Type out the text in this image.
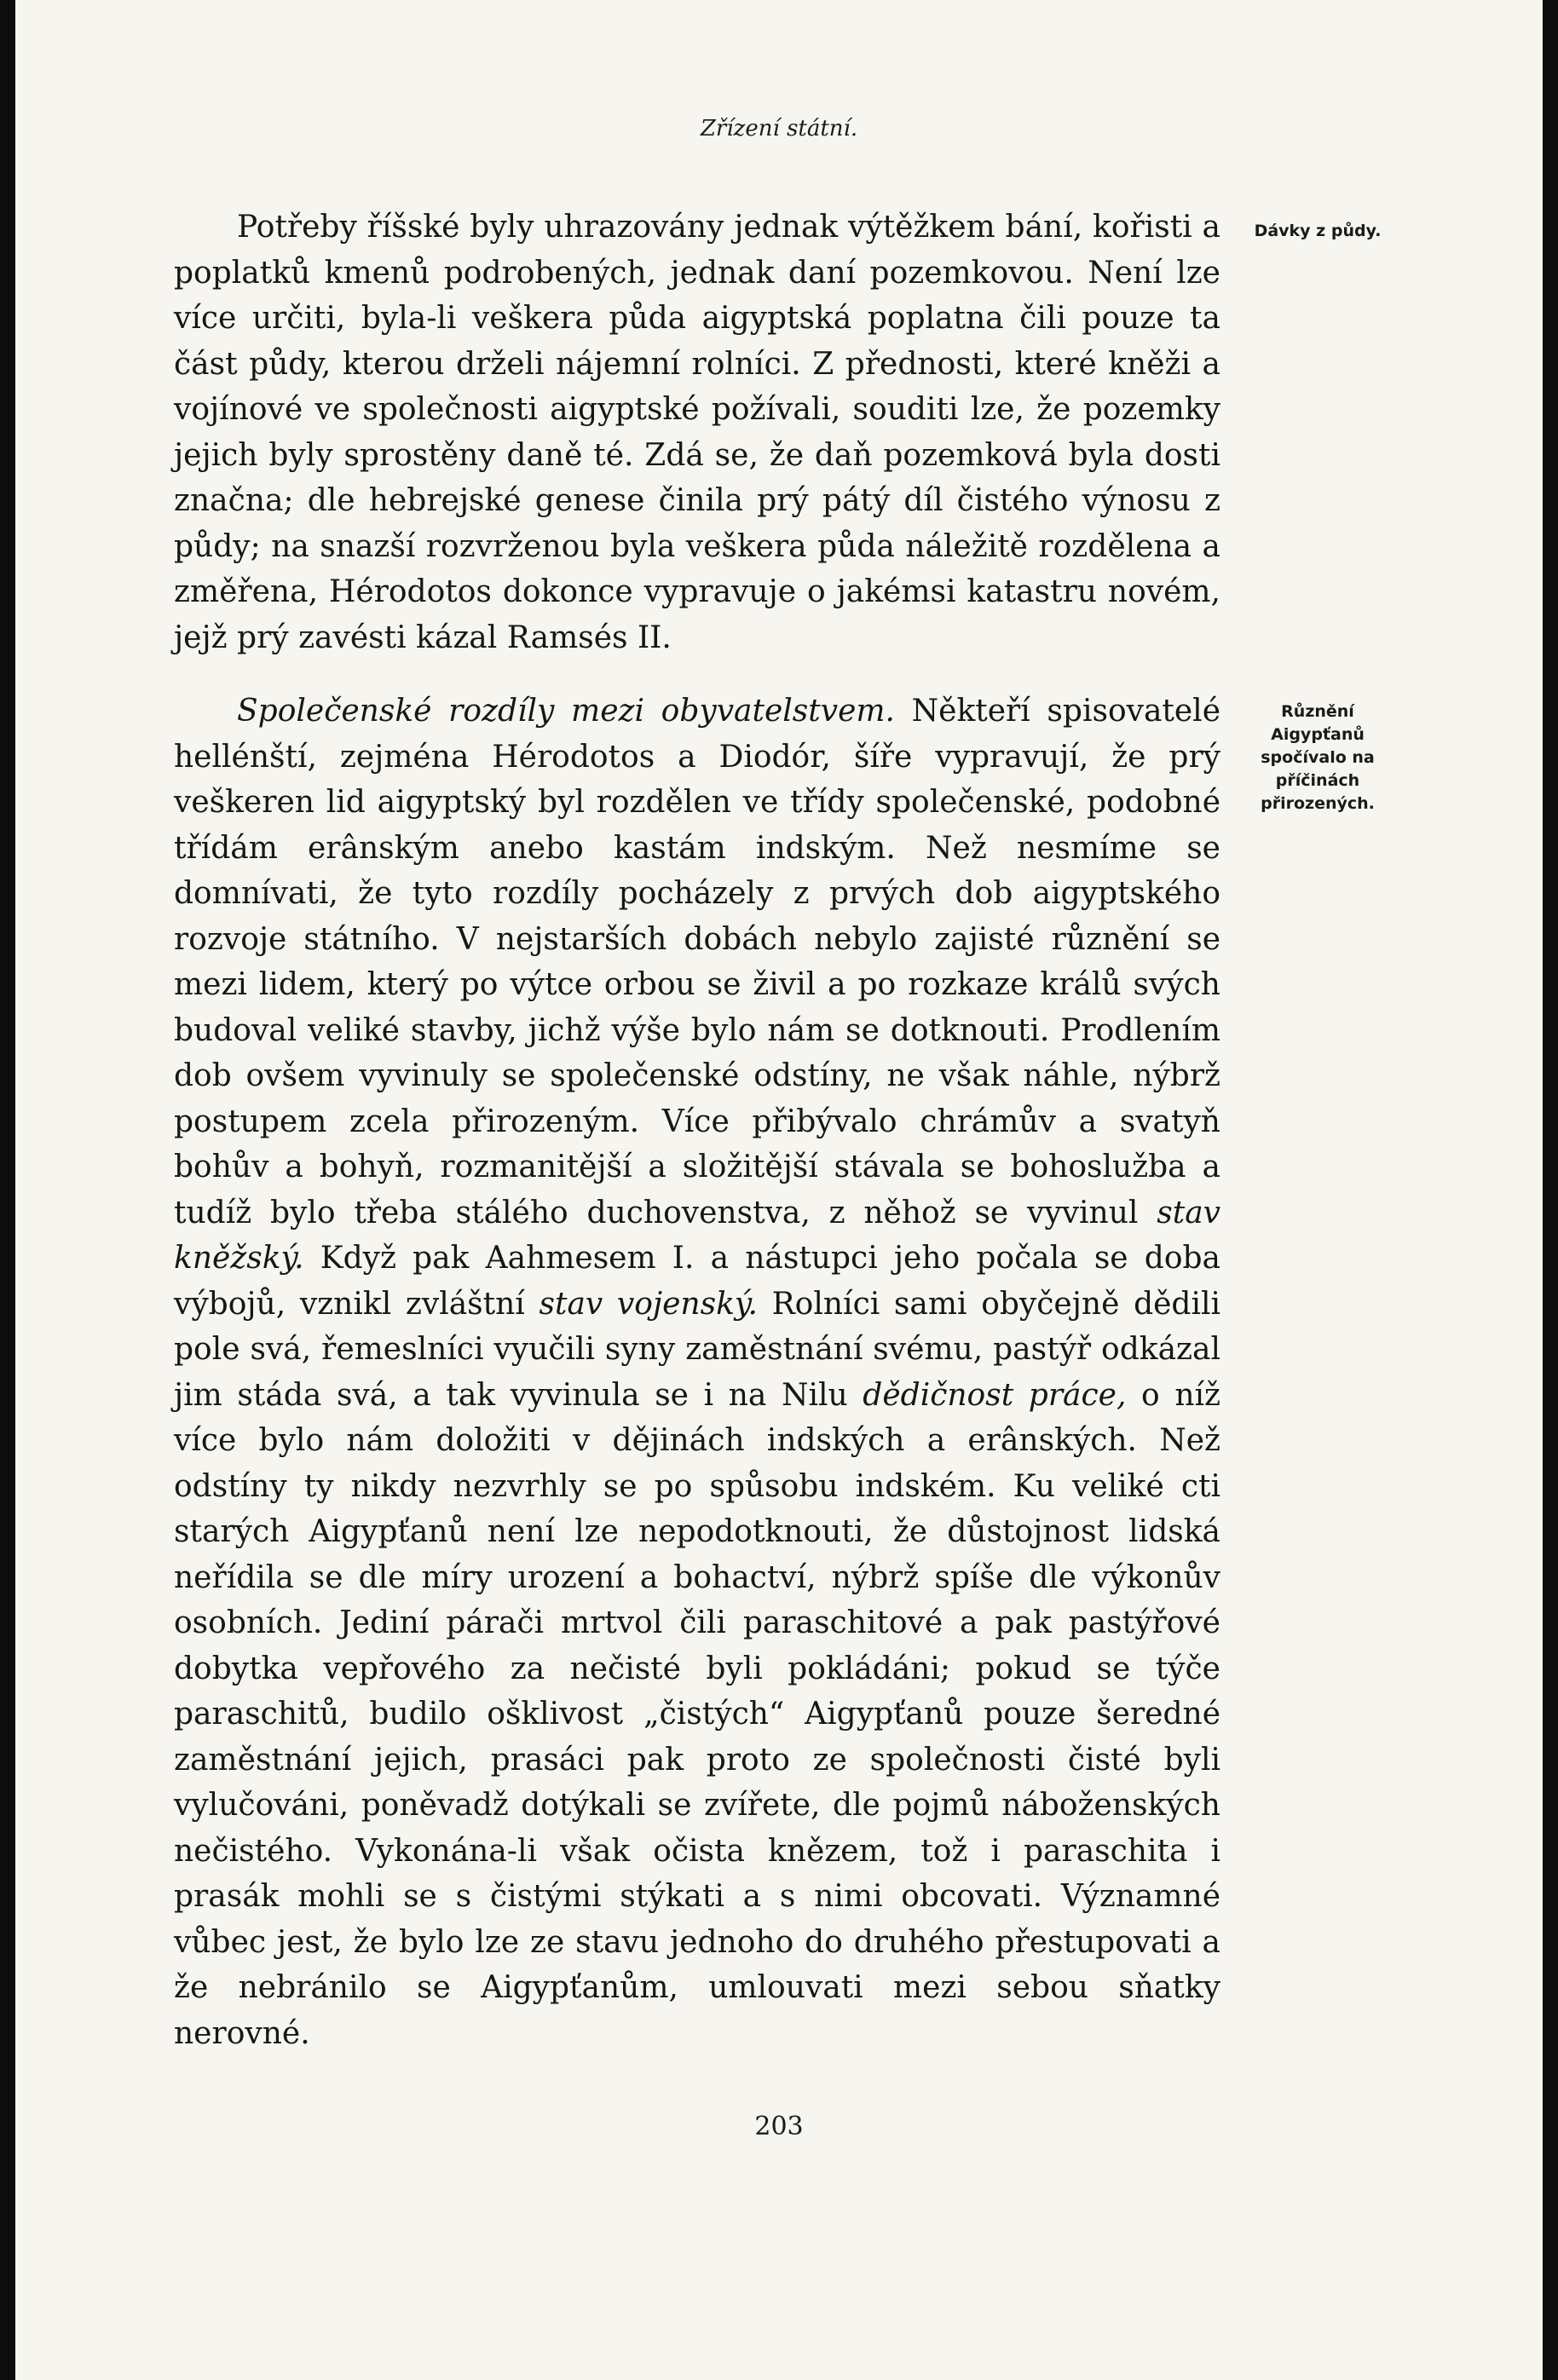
Zřízení státní.

Potřeby říšské byly uhrazovány jednak výtěžkem bání, kořisti a poplatků kmenů podrobených, jednak daní pozemkovou. Není lze více určiti, byla-li veškera půda aigyptská poplatna čili pouze ta část půdy, kterou drželi nájemní rolníci. Z přednosti, které kněži a vojínové ve společnosti aigyptské požívali, souditi lze, že pozemky jejich byly sprostěny daně té. Zdá se, že daň pozemková byla dosti značna; dle hebrejské genese činila prý pátý díl čistého výnosu z půdy; na snazší rozvrženou byla veškera půda náležitě rozdělena a změřena, Hérodotos dokonce vypravuje o jakémsi katastru novém, jejž prý zavésti kázal Ramsés II.

Dávky z půdy.

Společenské rozdíly mezi obyvatelstvem. Někteří spisovatelé hellénští, zejména Hérodotos a Diodór, šíře vypravují, že prý veškeren lid aigyptský byl rozdělen ve třídy společenské, podobné třídám erânským anebo kastám indským. Než nesmíme se domnívati, že tyto rozdíly pocházely z prvých dob aigyptského rozvoje státního. V nejstarších dobách nebylo zajisté různění se mezi lidem, který po výtce orbou se živil a po rozkaze králů svých budoval veliké stavby, jichž výše bylo nám se dotknouti. Prodlením dob ovšem vyvinuly se společenské odstíny, ne však náhle, nýbrž postupem zcela přirozeným. Více přibývalo chrámův a svatyň bohův a bohyň, rozmanitější a složitější stávala se bohoslužba a tudíž bylo třeba stálého duchovenstva, z něhož se vyvinul stav kněžský. Když pak Aahmesem I. a nástupci jeho počala se doba výbojů, vznikl zvláštní stav vojenský. Rolníci sami obyčejně dědili pole svá, řemeslníci vyučili syny zaměstnání svému, pastýř odkázal jim stáda svá, a tak vyvinula se i na Nilu dědičnost práce, o níž více bylo nám doložiti v dějinách indských a erânských. Než odstíny ty nikdy nezvrhly se po spůsobu indském. Ku veliké cti starých Aigypťanů není lze nepodotknouti, že důstojnost lidská neřídila se dle míry urození a bohactví, nýbrž spíše dle výkonův osobních. Jediní párači mrtvol čili paraschitové a pak pastýřové dobytka vepřového za nečisté byli pokládáni; pokud se týče paraschitů, budilo ošklivost „čistých“ Aigypťanů pouze šeredné zaměstnání jejich, prasáci pak proto ze společnosti čisté byli vylučováni, poněvadž dotýkali se zvířete, dle pojmů náboženských nečistého. Vykonána-li však očista knězem, tož i paraschita i prasák mohli se s čistými stýkati a s nimi obcovati. Významné vůbec jest, že bylo lze ze stavu jednoho do druhého přestupovati a že nebránilo se Aigypťanům, umlouvati mezi sebou sňatky nerovné.

Různění Aigypťanů spočívalo na příčinách přirozených.
203
